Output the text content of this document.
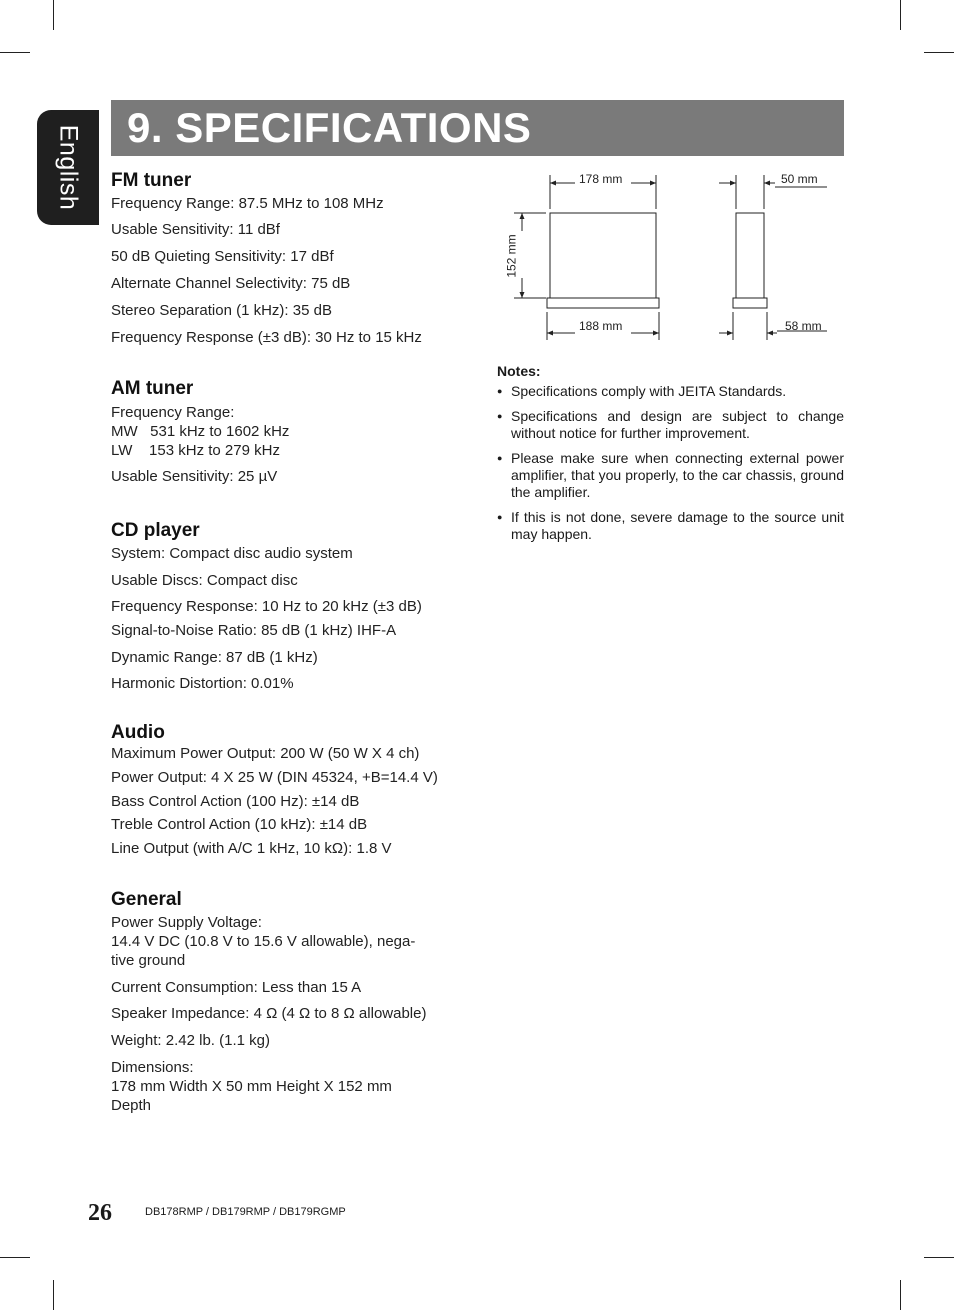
English 9. SPECIFICATIONS
FM tuner
Frequency Range: 87.5 MHz to 108 MHz
Usable Sensitivity: 11 dBf
50 dB Quieting Sensitivity: 17 dBf
Alternate Channel Selectivity: 75 dB
Stereo Separation (1 kHz): 35 dB
Frequency Response (±3 dB): 30 Hz to 15 kHz
AM tuner
Frequency Range:
MW   531 kHz to 1602 kHz
LW    153 kHz to 279 kHz
Usable Sensitivity: 25 µV
CD player
System: Compact disc audio system
Usable Discs: Compact disc
Frequency Response: 10 Hz to 20 kHz (±3 dB)
Signal-to-Noise Ratio: 85 dB (1 kHz) IHF-A
Dynamic Range: 87 dB (1 kHz)
Harmonic Distortion: 0.01%
Audio
Maximum Power Output: 200 W (50 W X 4 ch)
Power Output: 4 X 25 W (DIN 45324, +B=14.4 V)
Bass Control Action (100 Hz): ±14 dB
Treble Control Action (10 kHz): ±14 dB
Line Output (with A/C 1 kHz, 10 kΩ): 1.8 V
General
Power Supply Voltage:
14.4 V DC (10.8 V to 15.6 V allowable), nega-
tive ground
Current Consumption: Less than 15 A
Speaker Impedance: 4 Ω (4 Ω to 8 Ω allowable)
Weight: 2.42 lb. (1.1 kg)
Dimensions:
178 mm Width X 50 mm Height X 152 mm
Depth
178 mm
152 mm
188 mm
50 mm
58 mm
Notes:
● Specifications comply with JEITA Standards.
● Specifications and design are subject to change without notice for further improvement.
● Please make sure when connecting external power amplifier, that you properly, to the car chassis, ground the amplifier.
● If this is not done, severe damage to the source unit may happen.
26	DB178RMP / DB179RMP / DB179RGMP
